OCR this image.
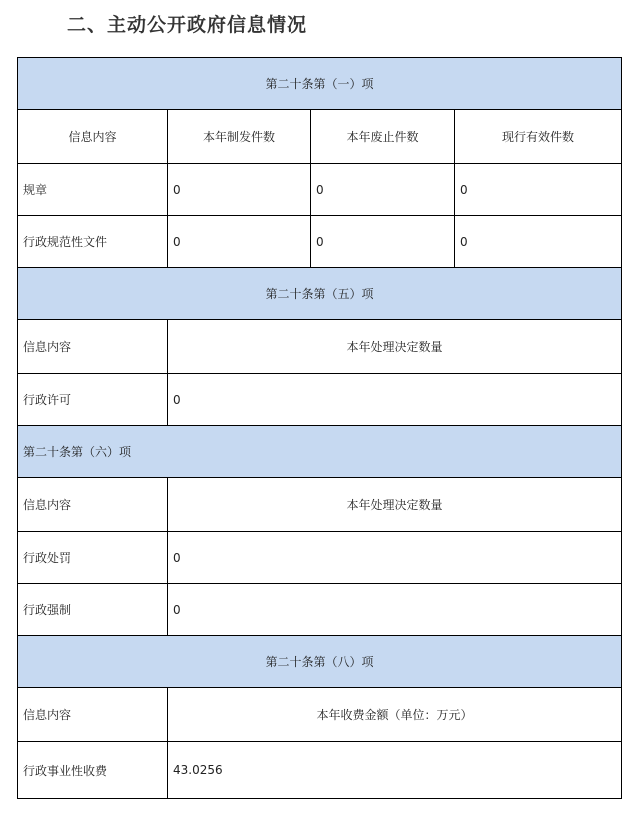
二、主动公开政府信息情况
第二十条第（一）项			
信息内容	本年制发件数	本年废止件数	现行有效件数
规章	0	0	0
行政规范性文件	0	0	0
第二十条第（五）项			
信息内容	本年处理决定数量		
行政许可	0		
第二十条第（六）项			
信息内容	本年处理决定数量		
行政处罚	0		
行政强制	0		
第二十条第（八）项			
信息内容	本年收费金额（单位：万元）		
行政事业性收费	43.0256		
